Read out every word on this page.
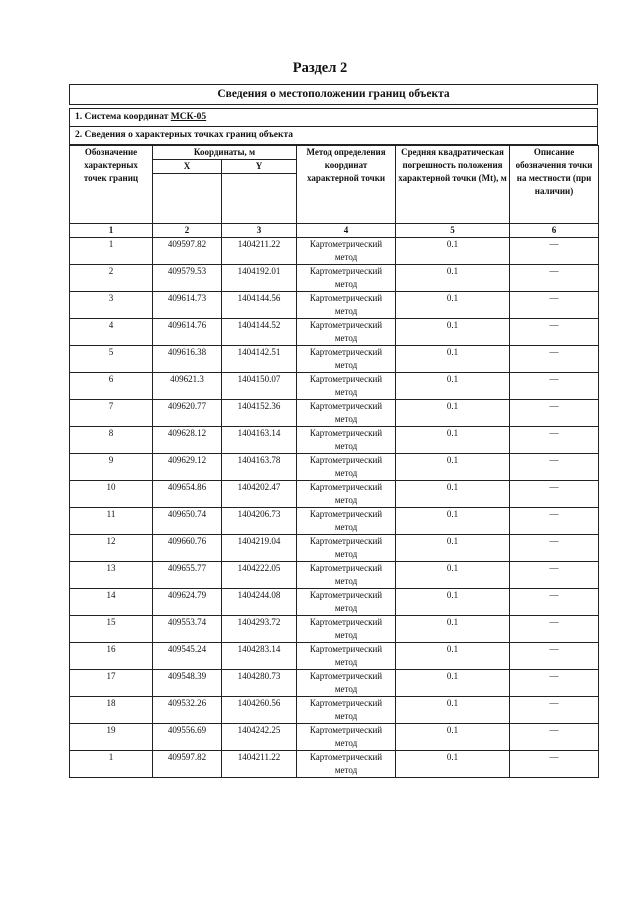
Раздел 2
Сведения о местоположении границ объекта
1. Система координат МСК-05
2. Сведения о характерных точках границ объекта
Обозначение характерных точек границ	Координаты, м		Метод определения координат характерной точки	Средняя квадратическая погрешность положения характерной точки (Mt), м	Описание обозначения точки на местности (при наличии)
	X	Y			

1	2	3	4	5	6
1	409597.82	1404211.22	Картометрический метод	0.1	—
2	409579.53	1404192.01	Картометрический метод	0.1	—
3	409614.73	1404144.56	Картометрический метод	0.1	—
4	409614.76	1404144.52	Картометрический метод	0.1	—
5	409616.38	1404142.51	Картометрический метод	0.1	—
6	409621.3	1404150.07	Картометрический метод	0.1	—
7	409620.77	1404152.36	Картометрический метод	0.1	—
8	409628.12	1404163.14	Картометрический метод	0.1	—
9	409629.12	1404163.78	Картометрический метод	0.1	—
10	409654.86	1404202.47	Картометрический метод	0.1	—
11	409650.74	1404206.73	Картометрический метод	0.1	—
12	409660.76	1404219.04	Картометрический метод	0.1	—
13	409655.77	1404222.05	Картометрический метод	0.1	—
14	409624.79	1404244.08	Картометрический метод	0.1	—
15	409553.74	1404293.72	Картометрический метод	0.1	—
16	409545.24	1404283.14	Картометрический метод	0.1	—
17	409548.39	1404280.73	Картометрический метод	0.1	—
18	409532.26	1404260.56	Картометрический метод	0.1	—
19	409556.69	1404242.25	Картометрический метод	0.1	—
1	409597.82	1404211.22	Картометрический метод	0.1	—
